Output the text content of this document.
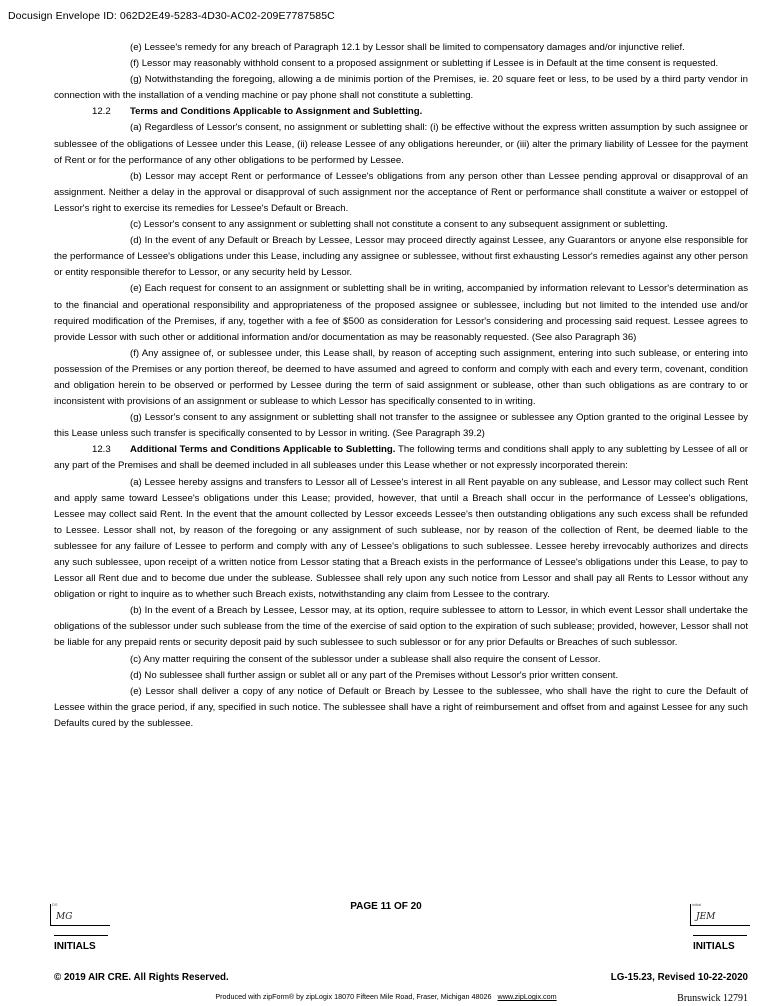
Docusign Envelope ID: 062D2E49-5283-4D30-AC02-209E7787585C

(e) Lessee's remedy for any breach of Paragraph 12.1 by Lessor shall be limited to compensatory damages and/or injunctive relief.

(f) Lessor may reasonably withhold consent to a proposed assignment or subletting if Lessee is in Default at the time consent is requested.

(g) Notwithstanding the foregoing, allowing a de minimis portion of the Premises, ie. 20 square feet or less, to be used by a third party vendor in connection with the installation of a vending machine or pay phone shall not constitute a subletting.

12.2 Terms and Conditions Applicable to Assignment and Subletting.

(a) Regardless of Lessor's consent, no assignment or subletting shall: (i) be effective without the express written assumption by such assignee or sublessee of the obligations of Lessee under this Lease, (ii) release Lessee of any obligations hereunder, or (iii) alter the primary liability of Lessee for the payment of Rent or for the performance of any other obligations to be performed by Lessee.

(b) Lessor may accept Rent or performance of Lessee's obligations from any person other than Lessee pending approval or disapproval of an assignment. Neither a delay in the approval or disapproval of such assignment nor the acceptance of Rent or performance shall constitute a waiver or estoppel of Lessor's right to exercise its remedies for Lessee's Default or Breach.

(c) Lessor's consent to any assignment or subletting shall not constitute a consent to any subsequent assignment or subletting.

(d) In the event of any Default or Breach by Lessee, Lessor may proceed directly against Lessee, any Guarantors or anyone else responsible for the performance of Lessee's obligations under this Lease, including any assignee or sublessee, without first exhausting Lessor's remedies against any other person or entity responsible therefor to Lessor, or any security held by Lessor.

(e) Each request for consent to an assignment or subletting shall be in writing, accompanied by information relevant to Lessor's determination as to the financial and operational responsibility and appropriateness of the proposed assignee or sublessee, including but not limited to the intended use and/or required modification of the Premises, if any, together with a fee of $500 as consideration for Lessor's considering and processing said request. Lessee agrees to provide Lessor with such other or additional information and/or documentation as may be reasonably requested. (See also Paragraph 36)

(f) Any assignee of, or sublessee under, this Lease shall, by reason of accepting such assignment, entering into such sublease, or entering into possession of the Premises or any portion thereof, be deemed to have assumed and agreed to conform and comply with each and every term, covenant, condition and obligation herein to be observed or performed by Lessee during the term of said assignment or sublease, other than such obligations as are contrary to or inconsistent with provisions of an assignment or sublease to which Lessor has specifically consented to in writing.

(g) Lessor's consent to any assignment or subletting shall not transfer to the assignee or sublessee any Option granted to the original Lessee by this Lease unless such transfer is specifically consented to by Lessor in writing. (See Paragraph 39.2)

12.3 Additional Terms and Conditions Applicable to Subletting. The following terms and conditions shall apply to any subletting by Lessee of all or any part of the Premises and shall be deemed included in all subleases under this Lease whether or not expressly incorporated therein:

(a) Lessee hereby assigns and transfers to Lessor all of Lessee's interest in all Rent payable on any sublease, and Lessor may collect such Rent and apply same toward Lessee's obligations under this Lease; provided, however, that until a Breach shall occur in the performance of Lessee's obligations, Lessee may collect said Rent. In the event that the amount collected by Lessor exceeds Lessee's then outstanding obligations any such excess shall be refunded to Lessee. Lessor shall not, by reason of the foregoing or any assignment of such sublease, nor by reason of the collection of Rent, be deemed liable to the sublessee for any failure of Lessee to perform and comply with any of Lessee's obligations to such sublessee. Lessee hereby irrevocably authorizes and directs any such sublessee, upon receipt of a written notice from Lessor stating that a Breach exists in the performance of Lessee's obligations under this Lease, to pay to Lessor all Rent due and to become due under the sublease. Sublessee shall rely upon any such notice from Lessor and shall pay all Rents to Lessor without any obligation or right to inquire as to whether such Breach exists, notwithstanding any claim from Lessee to the contrary.

(b) In the event of a Breach by Lessee, Lessor may, at its option, require sublessee to attorn to Lessor, in which event Lessor shall undertake the obligations of the sublessor under such sublease from the time of the exercise of said option to the expiration of such sublease; provided, however, Lessor shall not be liable for any prepaid rents or security deposit paid by such sublessee to such sublessor or for any prior Defaults or Breaches of such sublessor.

(c) Any matter requiring the consent of the sublessor under a sublease shall also require the consent of Lessor.

(d) No sublessee shall further assign or sublet all or any part of the Premises without Lessor's prior written consent.

(e) Lessor shall deliver a copy of any notice of Default or Breach by Lessee to the sublessee, who shall have the right to cure the Default of Lessee within the grace period, if any, specified in such notice. The sublessee shall have a right of reimbursement and offset from and against Lessee for any such Defaults cured by the sublessee.

DS
MG
INITIALS
PAGE 11 OF 20	initial
JEM
INITIALS
© 2019 AIR CRE. All Rights Reserved.	LG-15.23, Revised 10-22-2020
Produced with zipForm® by zipLogix 18070 Fifteen Mile Road, Fraser, Michigan 48026 www.zipLogix.com	Brunswick 12791
